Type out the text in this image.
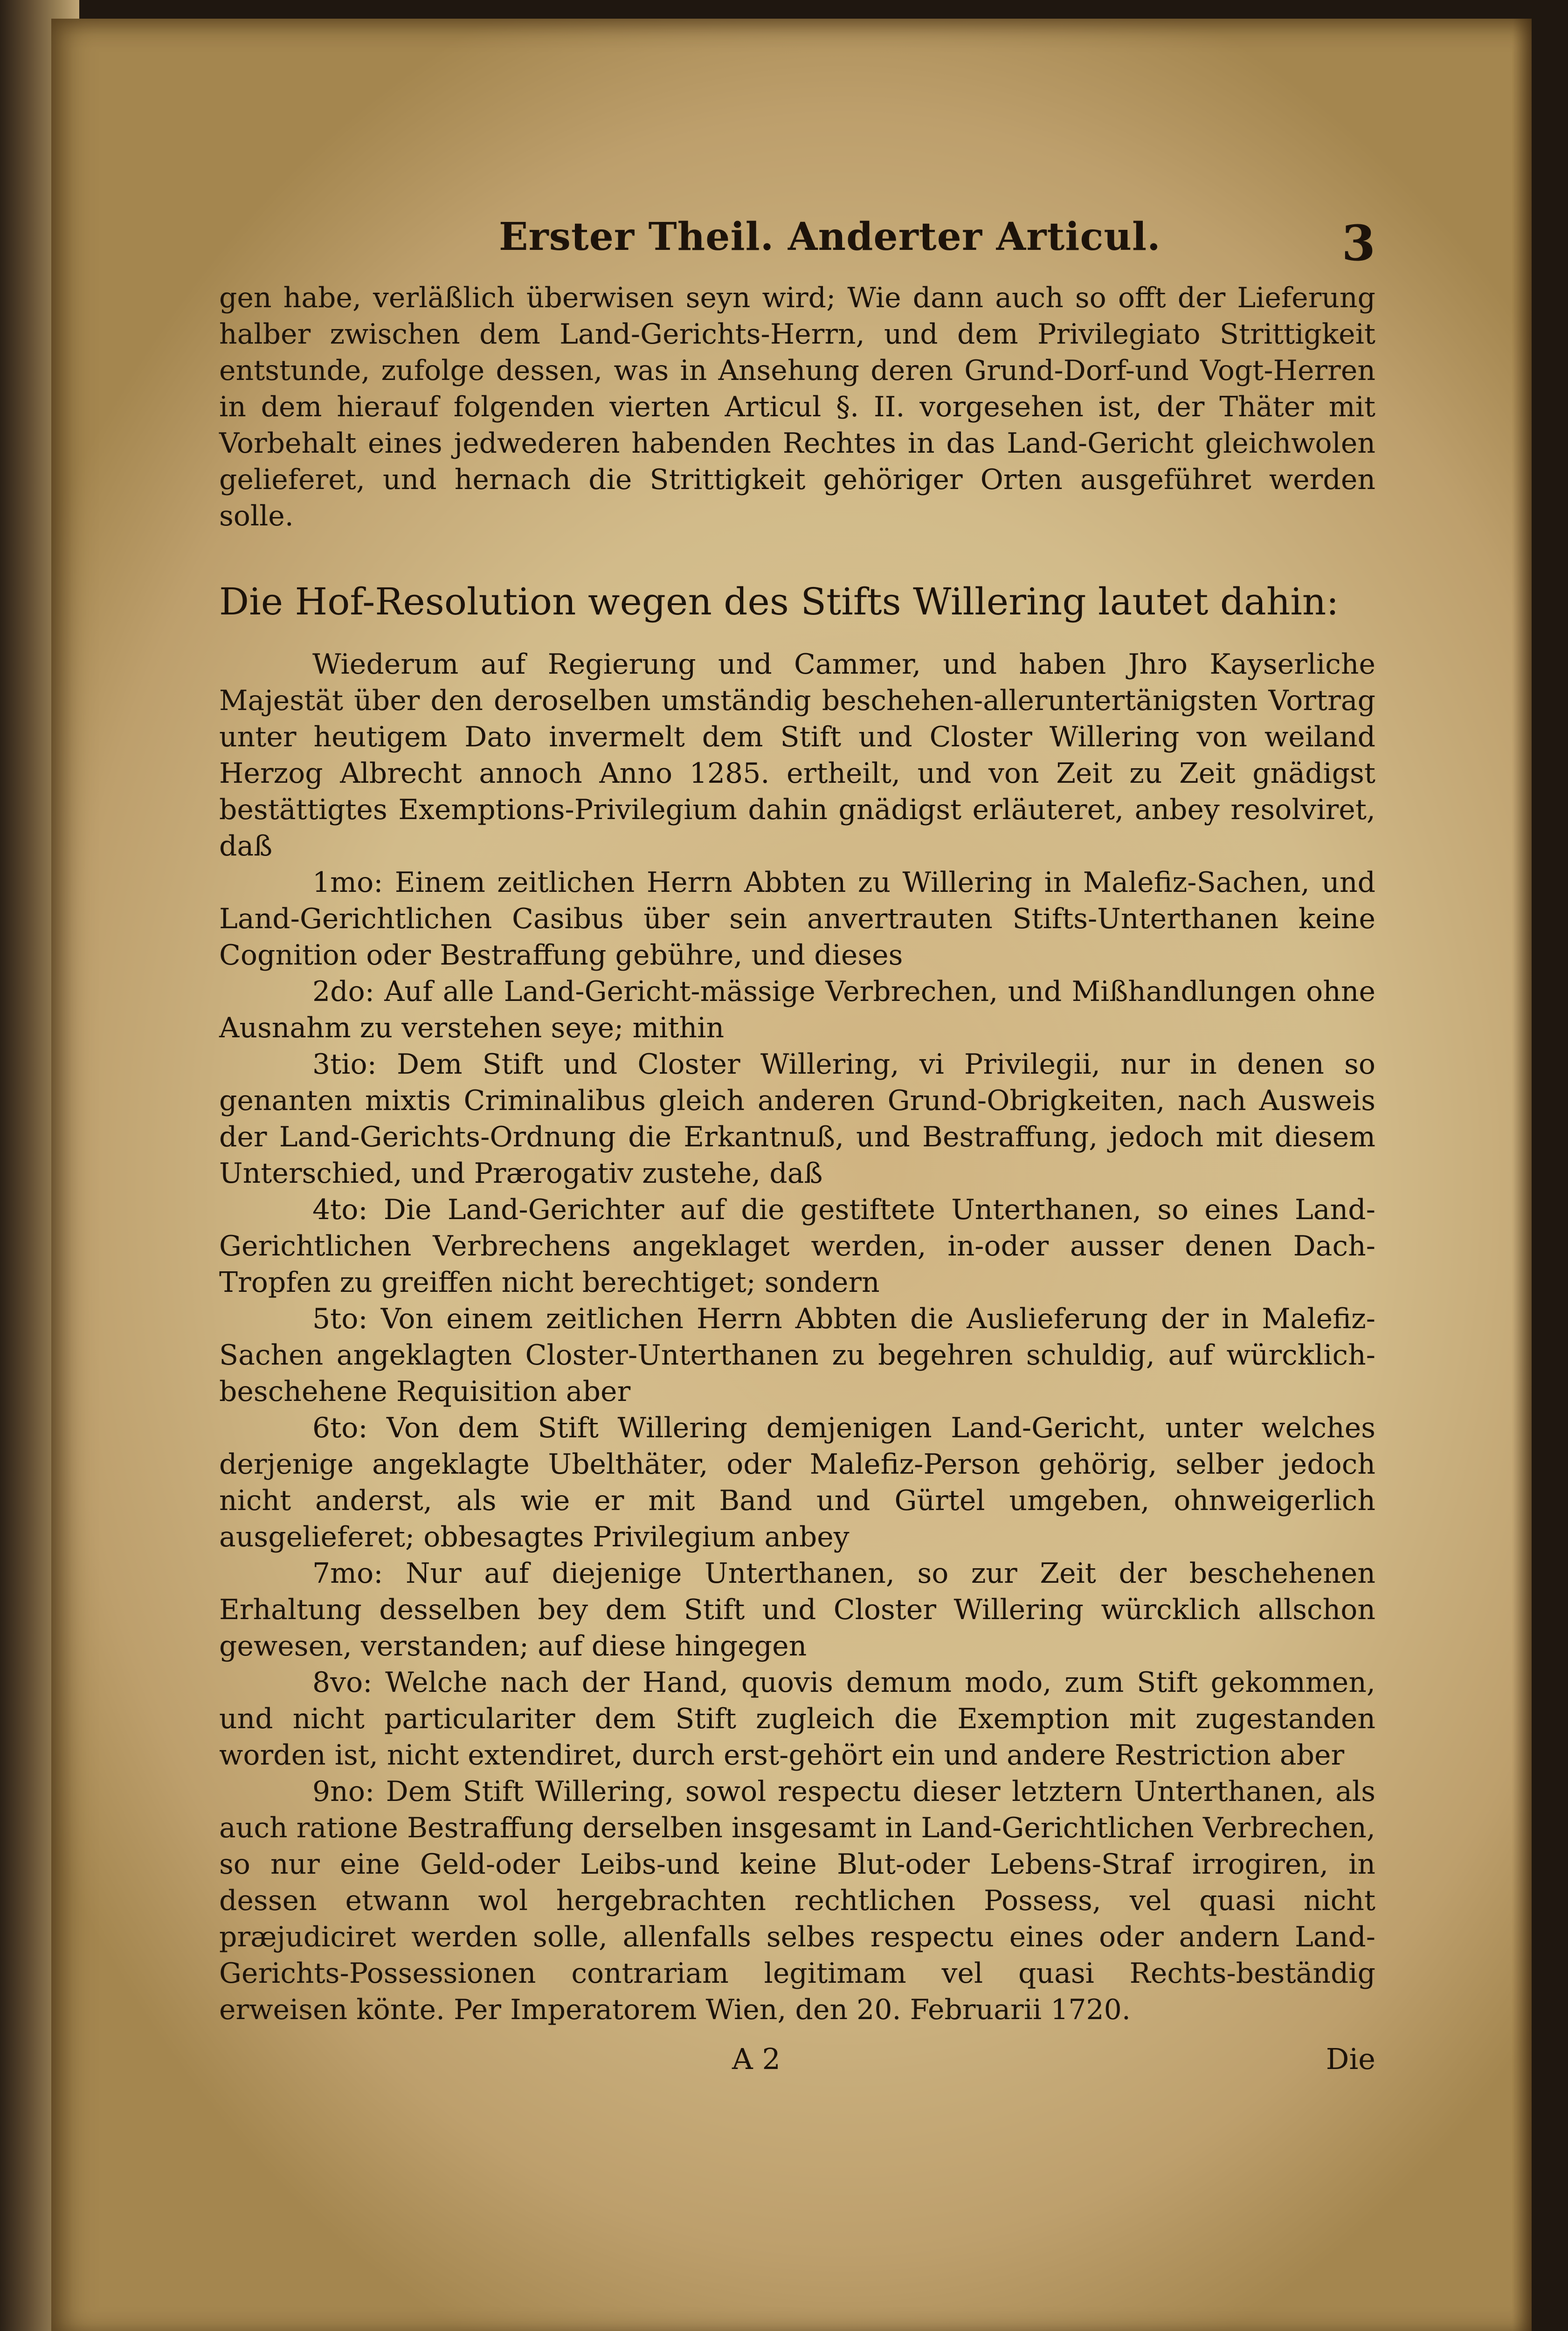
Erster Theil. Anderter Articul.	3

gen habe, verläßlich überwisen seyn wird; Wie dann auch so offt der Lieferung halber zwischen dem Land-Gerichts-Herrn, und dem Privilegiato Strittigkeit entstunde, zufolge dessen, was in Ansehung deren Grund-Dorf-und Vogt-Herren in dem hierauf folgenden vierten Articul §. II. vorgesehen ist, der Thäter mit Vorbehalt eines jedwederen habenden Rechtes in das Land-Gericht gleichwolen gelieferet, und hernach die Strittigkeit gehöriger Orten ausgeführet werden solle.

Die Hof-Resolution wegen des Stifts Willering lautet dahin:

Wiederum auf Regierung und Cammer, und haben Jhro Kayserliche Majestät über den deroselben umständig beschehen-alleruntertänigsten Vortrag unter heutigem Dato invermelt dem Stift und Closter Willering von weiland Herzog Albrecht annoch Anno 1285. ertheilt, und von Zeit zu Zeit gnädigst bestättigtes Exemptions-Privilegium dahin gnädigst erläuteret, anbey resolviret, daß

1mo: Einem zeitlichen Herrn Abbten zu Willering in Malefiz-Sachen, und Land-Gerichtlichen Casibus über sein anvertrauten Stifts-Unterthanen keine Cognition oder Bestraffung gebühre, und dieses

2do: Auf alle Land-Gericht-mässige Verbrechen, und Mißhandlungen ohne Ausnahm zu verstehen seye; mithin

3tio: Dem Stift und Closter Willering, vi Privilegii, nur in denen so genanten mixtis Criminalibus gleich anderen Grund-Obrigkeiten, nach Ausweis der Land-Gerichts-Ordnung die Erkantnuß, und Bestraffung, jedoch mit diesem Unterschied, und Prærogativ zustehe, daß

4to: Die Land-Gerichter auf die gestiftete Unterthanen, so eines Land-Gerichtlichen Verbrechens angeklaget werden, in-oder ausser denen Dach-Tropfen zu greiffen nicht berechtiget; sondern

5to: Von einem zeitlichen Herrn Abbten die Auslieferung der in Malefiz-Sachen angeklagten Closter-Unterthanen zu begehren schuldig, auf würcklich-beschehene Requisition aber

6to: Von dem Stift Willering demjenigen Land-Gericht, unter welches derjenige angeklagte Ubelthäter, oder Malefiz-Person gehörig, selber jedoch nicht anderst, als wie er mit Band und Gürtel umgeben, ohnweigerlich ausgelieferet; obbesagtes Privilegium anbey

7mo: Nur auf diejenige Unterthanen, so zur Zeit der beschehenen Erhaltung desselben bey dem Stift und Closter Willering würcklich allschon gewesen, verstanden; auf diese hingegen

8vo: Welche nach der Hand, quovis demum modo, zum Stift gekommen, und nicht particulariter dem Stift zugleich die Exemption mit zugestanden worden ist, nicht extendiret, durch erst-gehört ein und andere Restriction aber

9no: Dem Stift Willering, sowol respectu dieser letztern Unterthanen, als auch ratione Bestraffung derselben insgesamt in Land-Gerichtlichen Verbrechen, so nur eine Geld-oder Leibs-und keine Blut-oder Lebens-Straf irrogiren, in dessen etwann wol hergebrachten rechtlichen Possess, vel quasi nicht præjudiciret werden solle, allenfalls selbes respectu eines oder andern Land-Gerichts-Possessionen contrariam legitimam vel quasi Rechts-beständig erweisen könte. Per Imperatorem Wien, den 20. Februarii 1720.

A 2	Die
